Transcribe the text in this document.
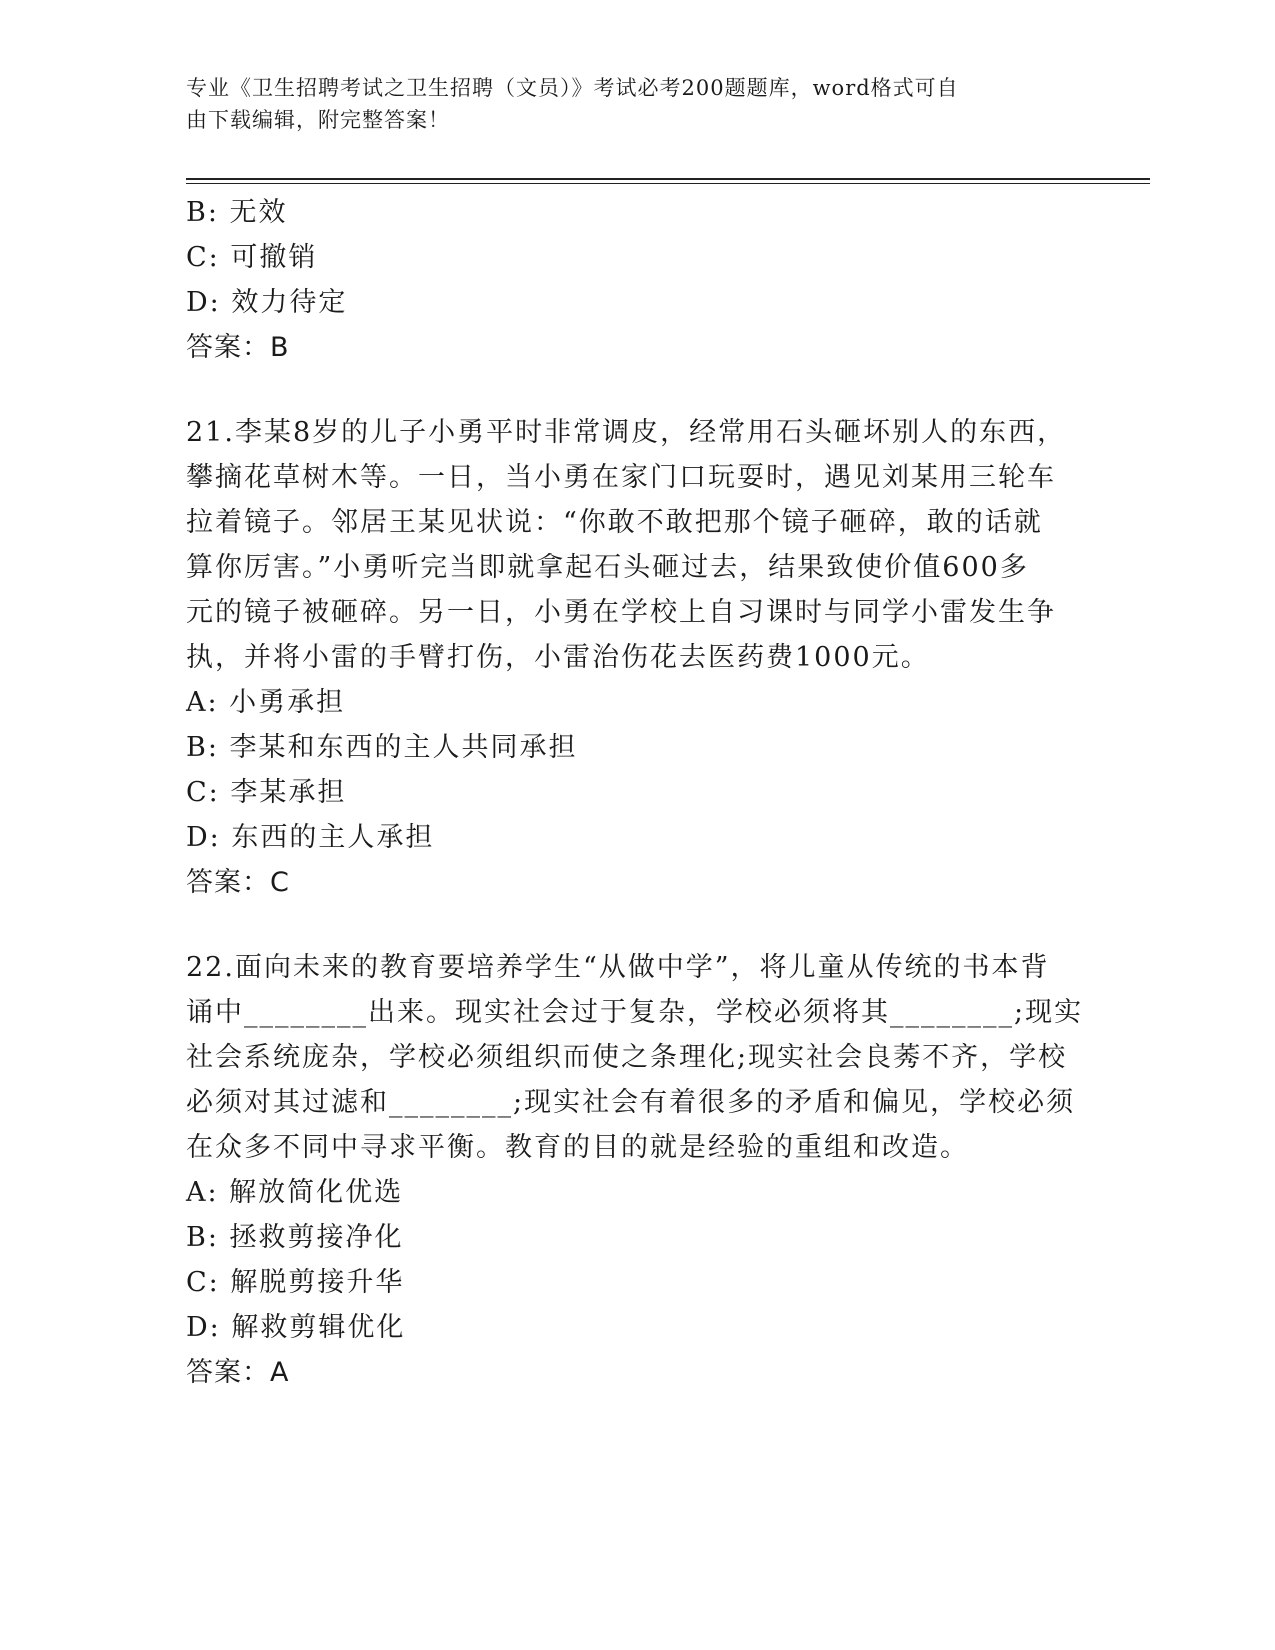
专业《卫生招聘考试之卫生招聘（文员）》考试必考200题题库，word格式可自
由下载编辑，附完整答案！
B: 无效
C: 可撤销
D: 效力待定
答案：B
21.李某8岁的儿子小勇平时非常调皮，经常用石头砸坏别人的东西，
攀摘花草树木等。一日，当小勇在家门口玩耍时，遇见刘某用三轮车
拉着镜子。邻居王某见状说：“你敢不敢把那个镜子砸碎，敢的话就
算你厉害。”小勇听完当即就拿起石头砸过去，结果致使价值600多
元的镜子被砸碎。另一日，小勇在学校上自习课时与同学小雷发生争
执，并将小雷的手臂打伤，小雷治伤花去医药费1000元。
A: 小勇承担
B: 李某和东西的主人共同承担
C: 李某承担
D: 东西的主人承担
答案：C
22.面向未来的教育要培养学生“从做中学”，将儿童从传统的书本背
诵中________出来。现实社会过于复杂，学校必须将其________;现实
社会系统庞杂，学校必须组织而使之条理化;现实社会良莠不齐，学校
必须对其过滤和________;现实社会有着很多的矛盾和偏见，学校必须
在众多不同中寻求平衡。教育的目的就是经验的重组和改造。
A: 解放简化优选
B: 拯救剪接净化
C: 解脱剪接升华
D: 解救剪辑优化
答案：A
